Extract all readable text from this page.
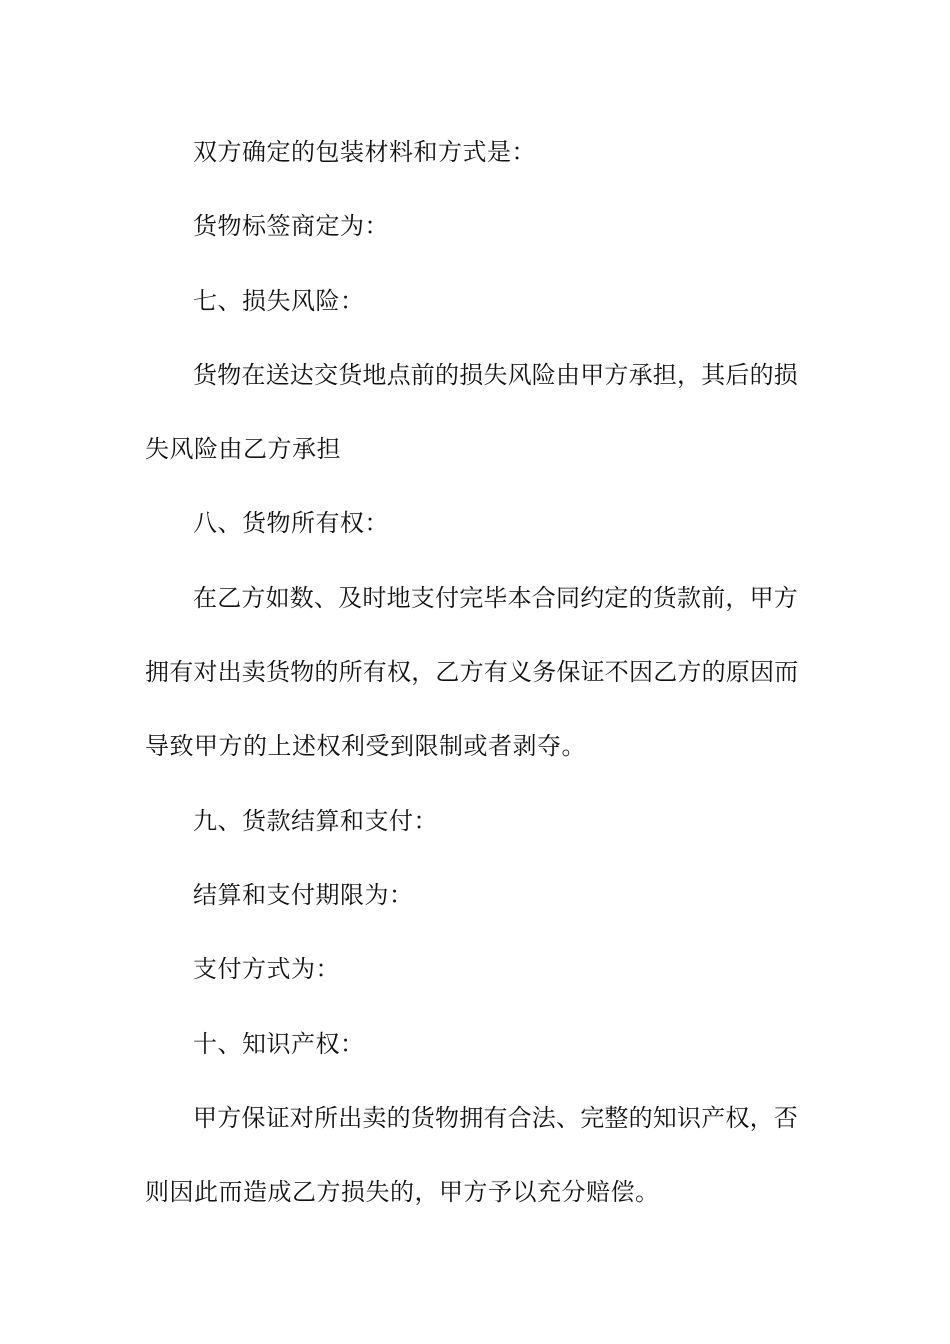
双方确定的包装材料和方式是：
货物标签商定为：
七、损失风险：
货物在送达交货地点前的损失风险由甲方承担，其后的损
失风险由乙方承担
八、货物所有权：
在乙方如数、及时地支付完毕本合同约定的货款前，甲方
拥有对出卖货物的所有权，乙方有义务保证不因乙方的原因而
导致甲方的上述权利受到限制或者剥夺。
九、货款结算和支付：
结算和支付期限为：
支付方式为：
十、知识产权：
甲方保证对所出卖的货物拥有合法、完整的知识产权，否
则因此而造成乙方损失的，甲方予以充分赔偿。
